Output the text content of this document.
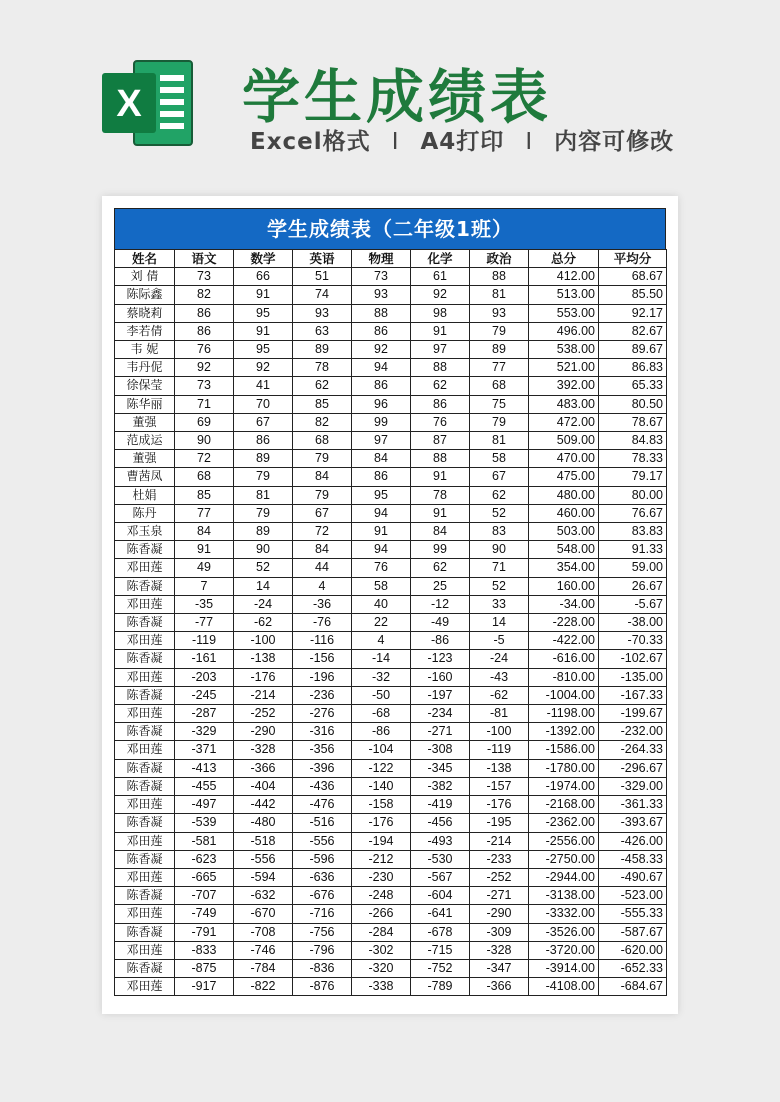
X 学生成绩表
Excel格式 I A4打印 I 内容可修改
学生成绩表（二年级1班）
姓名	语文	数学	英语	物理	化学	政治	总分	平均分
刘 倩	73	66	51	73	61	88	412.00	68.67
陈际鑫	82	91	74	93	92	81	513.00	85.50
蔡晓莉	86	95	93	88	98	93	553.00	92.17
李若倩	86	91	63	86	91	79	496.00	82.67
韦 妮	76	95	89	92	97	89	538.00	89.67
韦丹伲	92	92	78	94	88	77	521.00	86.83
徐保莹	73	41	62	86	62	68	392.00	65.33
陈华丽	71	70	85	96	86	75	483.00	80.50
董强	69	67	82	99	76	79	472.00	78.67
范成运	90	86	68	97	87	81	509.00	84.83
董强	72	89	79	84	88	58	470.00	78.33
曹茜凤	68	79	84	86	91	67	475.00	79.17
杜娟	85	81	79	95	78	62	480.00	80.00
陈丹	77	79	67	94	91	52	460.00	76.67
邓玉泉	84	89	72	91	84	83	503.00	83.83
陈香凝	91	90	84	94	99	90	548.00	91.33
邓田莲	49	52	44	76	62	71	354.00	59.00
陈香凝	7	14	4	58	25	52	160.00	26.67
邓田莲	-35	-24	-36	40	-12	33	-34.00	-5.67
陈香凝	-77	-62	-76	22	-49	14	-228.00	-38.00
邓田莲	-119	-100	-116	4	-86	-5	-422.00	-70.33
陈香凝	-161	-138	-156	-14	-123	-24	-616.00	-102.67
邓田莲	-203	-176	-196	-32	-160	-43	-810.00	-135.00
陈香凝	-245	-214	-236	-50	-197	-62	-1004.00	-167.33
邓田莲	-287	-252	-276	-68	-234	-81	-1198.00	-199.67
陈香凝	-329	-290	-316	-86	-271	-100	-1392.00	-232.00
邓田莲	-371	-328	-356	-104	-308	-119	-1586.00	-264.33
陈香凝	-413	-366	-396	-122	-345	-138	-1780.00	-296.67
陈香凝	-455	-404	-436	-140	-382	-157	-1974.00	-329.00
邓田莲	-497	-442	-476	-158	-419	-176	-2168.00	-361.33
陈香凝	-539	-480	-516	-176	-456	-195	-2362.00	-393.67
邓田莲	-581	-518	-556	-194	-493	-214	-2556.00	-426.00
陈香凝	-623	-556	-596	-212	-530	-233	-2750.00	-458.33
邓田莲	-665	-594	-636	-230	-567	-252	-2944.00	-490.67
陈香凝	-707	-632	-676	-248	-604	-271	-3138.00	-523.00
邓田莲	-749	-670	-716	-266	-641	-290	-3332.00	-555.33
陈香凝	-791	-708	-756	-284	-678	-309	-3526.00	-587.67
邓田莲	-833	-746	-796	-302	-715	-328	-3720.00	-620.00
陈香凝	-875	-784	-836	-320	-752	-347	-3914.00	-652.33
邓田莲	-917	-822	-876	-338	-789	-366	-4108.00	-684.67
